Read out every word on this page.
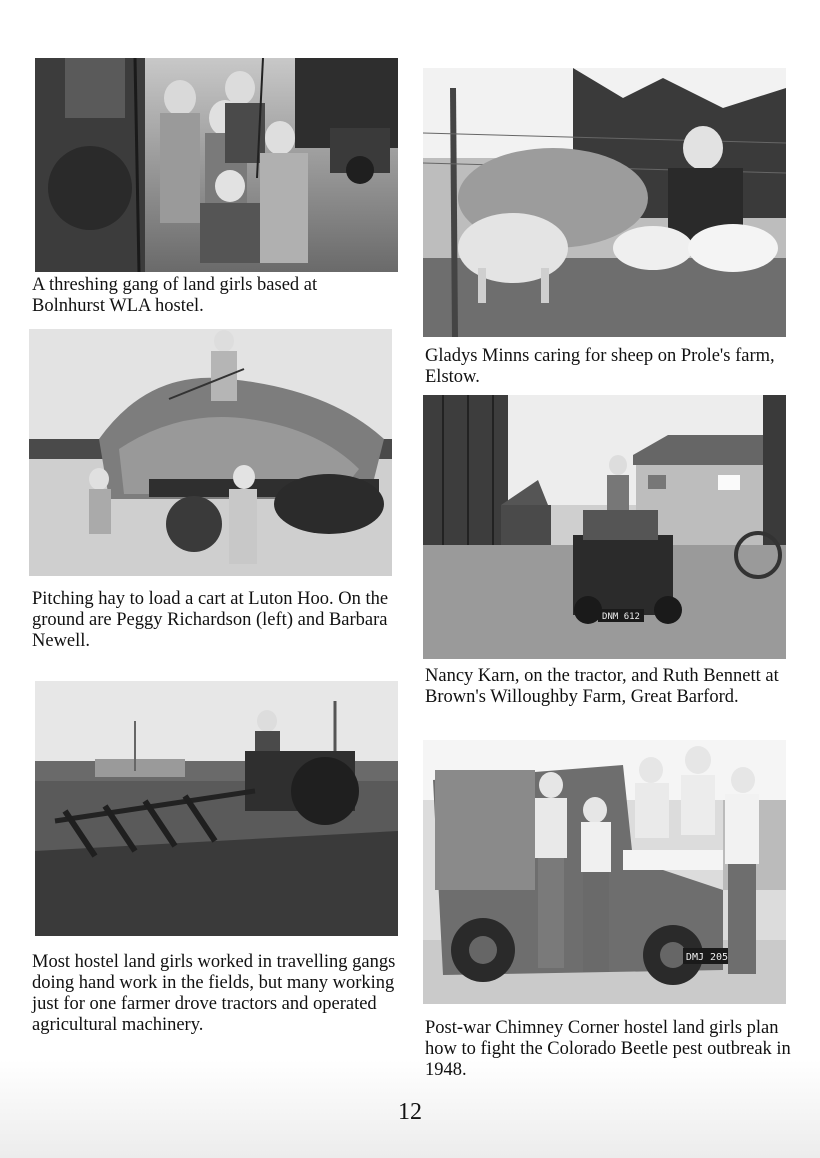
A threshing gang of land girls based at Bolnhurst WLA hostel.
Gladys Minns caring for sheep on Prole's farm, Elstow.
Pitching hay to load a cart at Luton Hoo. On the ground are Peggy Richardson (left) and Barbara Newell.
DNM 612
Nancy Karn, on the tractor, and Ruth Bennett at Brown's Willoughby Farm, Great Barford.
Most hostel land girls worked in travelling gangs doing hand work in the fields, but many working just for one farmer drove tractors and operated agricultural machinery.
DMJ 205
Post-war Chimney Corner hostel land girls plan how to fight the Colorado Beetle pest outbreak in 1948.
12
